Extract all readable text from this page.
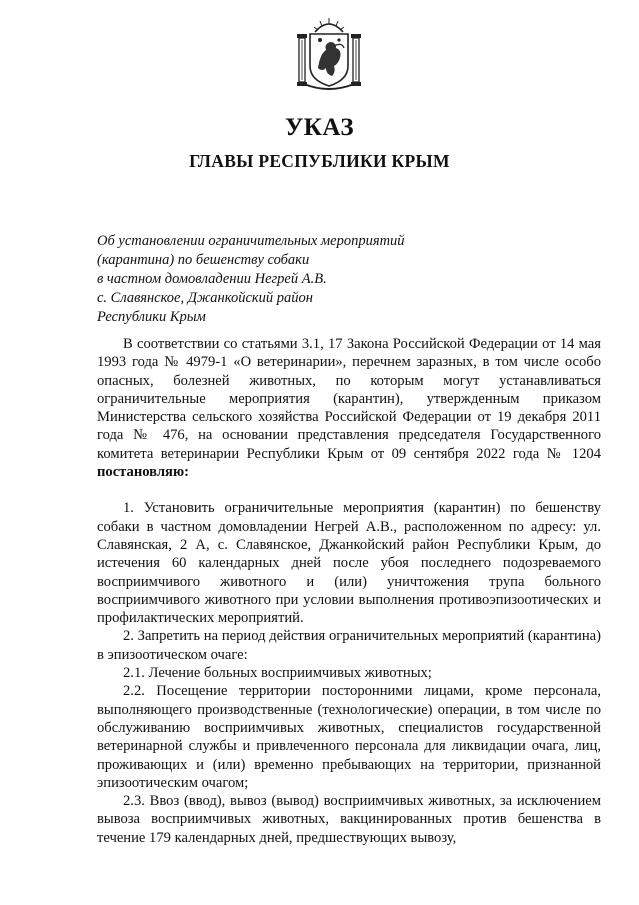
УКАЗ
ГЛАВЫ РЕСПУБЛИКИ КРЫМ
Об установлении ограничительных мероприятий
(карантина) по бешенству собаки
в частном домовладении Негрей А.В.
с. Славянское, Джанкойский район
Республики Крым

В соответствии со статьями 3.1, 17 Закона Российской Федерации от 14 мая 1993 года № 4979-1 «О ветеринарии», перечнем заразных, в том числе особо опасных, болезней животных, по которым могут устанавливаться ограничительные мероприятия (карантин), утвержденным приказом Министерства сельского хозяйства Российской Федерации от 19 декабря 2011 года № 476, на основании представления председателя Государственного комитета ветеринарии Республики Крым от 09 сентября 2022 года № 1204 постановляю:

1. Установить ограничительные мероприятия (карантин) по бешенству собаки в частном домовладении Негрей А.В., расположенном по адресу: ул. Славянская, 2 А, с. Славянское, Джанкойский район Республики Крым, до истечения 60 календарных дней после убоя последнего подозреваемого восприимчивого животного и (или) уничтожения трупа больного восприимчивого животного при условии выполнения противоэпизоотических и профилактических мероприятий.

2. Запретить на период действия ограничительных мероприятий (карантина) в эпизоотическом очаге:

2.1. Лечение больных восприимчивых животных;

2.2. Посещение территории посторонними лицами, кроме персонала, выполняющего производственные (технологические) операции, в том числе по обслуживанию восприимчивых животных, специалистов государственной ветеринарной службы и привлеченного персонала для ликвидации очага, лиц, проживающих и (или) временно пребывающих на территории, признанной эпизоотическим очагом;

2.3. Ввоз (ввод), вывоз (вывод) восприимчивых животных, за исключением вывоза восприимчивых животных, вакцинированных против бешенства в течение 179 календарных дней, предшествующих вывозу,
